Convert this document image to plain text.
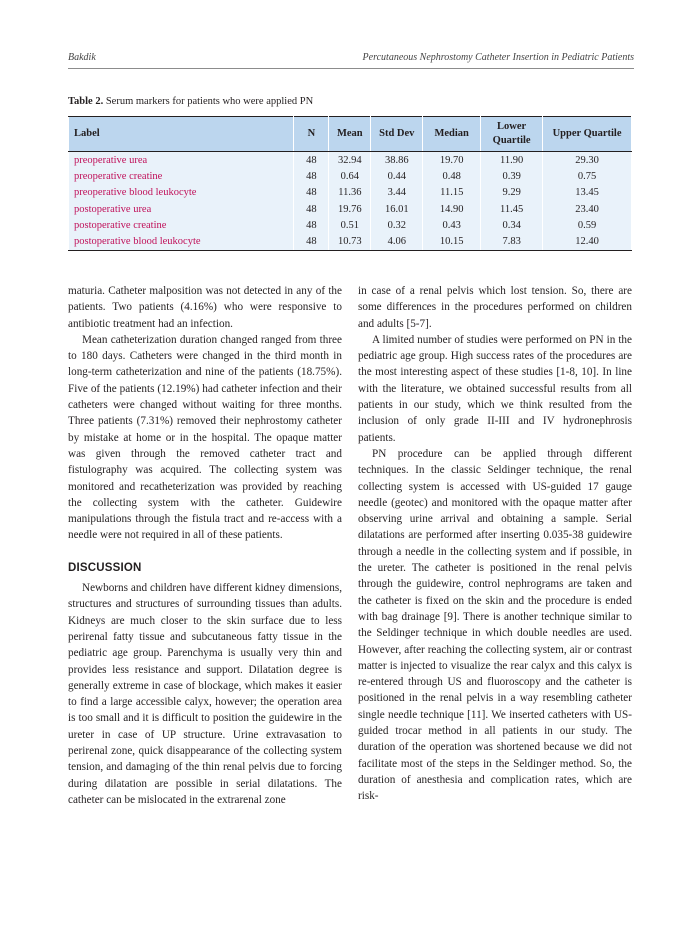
Bakdik	Percutaneous Nephrostomy Catheter Insertion in Pediatric Patients
Table 2. Serum markers for patients who were applied PN
Label	N	Mean	Std Dev	Median	Lower Quartile	Upper Quartile
preoperative urea	48	32.94	38.86	19.70	11.90	29.30
preoperative creatine	48	0.64	0.44	0.48	0.39	0.75
preoperative blood leukocyte	48	11.36	3.44	11.15	9.29	13.45
postoperative urea	48	19.76	16.01	14.90	11.45	23.40
postoperative creatine	48	0.51	0.32	0.43	0.34	0.59
postoperative blood leukocyte	48	10.73	4.06	10.15	7.83	12.40

maturia. Catheter malposition was not detected in any of the patients. Two patients (4.16%) who were responsive to antibiotic treatment had an infection.

Mean catheterization duration changed ranged from three to 180 days. Catheters were changed in the third month in long-term catheterization and nine of the patients (18.75%). Five of the patients (12.19%) had catheter infection and their catheters were changed without waiting for three months. Three patients (7.31%) removed their nephrostomy catheter by mistake at home or in the hospital. The opaque matter was given through the removed catheter tract and fistulography was acquired. The collecting system was monitored and recatheterization was provided by reaching the collecting system with the catheter. Guidewire manipulations through the fistula tract and re-access with a needle were not required in all of these patients.

DISCUSSION

Newborns and children have different kidney dimensions, structures and structures of surrounding tissues than adults. Kidneys are much closer to the skin surface due to less perirenal fatty tissue and subcutaneous fatty tissue in the pediatric age group. Parenchyma is usually very thin and provides less resistance and support. Dilatation degree is generally extreme in case of blockage, which makes it easier to find a large accessible calyx, however; the operation area is too small and it is difficult to position the guidewire in the ureter in case of UP structure. Urine extravasation to perirenal zone, quick disappearance of the collecting system tension, and damaging of the thin renal pelvis due to forcing during dilatation are possible in serial dilatations. The catheter can be mislocated in the extrarenal zone

in case of a renal pelvis which lost tension. So, there are some differences in the procedures performed on children and adults [5-7].

A limited number of studies were performed on PN in the pediatric age group. High success rates of the procedures are the most interesting aspect of these studies [1-8, 10]. In line with the literature, we obtained successful results from all patients in our study, which we think resulted from the inclusion of only grade II-III and IV hydronephrosis patients.

PN procedure can be applied through different techniques. In the classic Seldinger technique, the renal collecting system is accessed with US-guided 17 gauge needle (geotec) and monitored with the opaque matter after observing urine arrival and obtaining a sample. Serial dilatations are performed after inserting 0.035-38 guidewire through a needle in the collecting system and if possible, in the ureter. The catheter is positioned in the renal pelvis through the guidewire, control nephrograms are taken and the catheter is fixed on the skin and the procedure is ended with bag drainage [9]. There is another technique similar to the Seldinger technique in which double needles are used. However, after reaching the collecting system, air or contrast matter is injected to visualize the rear calyx and this calyx is re-entered through US and fluoroscopy and the catheter is positioned in the renal pelvis in a way resembling catheter single needle technique [11]. We inserted catheters with US-guided trocar method in all patients in our study. The duration of the operation was shortened because we did not facilitate most of the steps in the Seldinger method. So, the duration of anesthesia and complication rates, which are risk-
